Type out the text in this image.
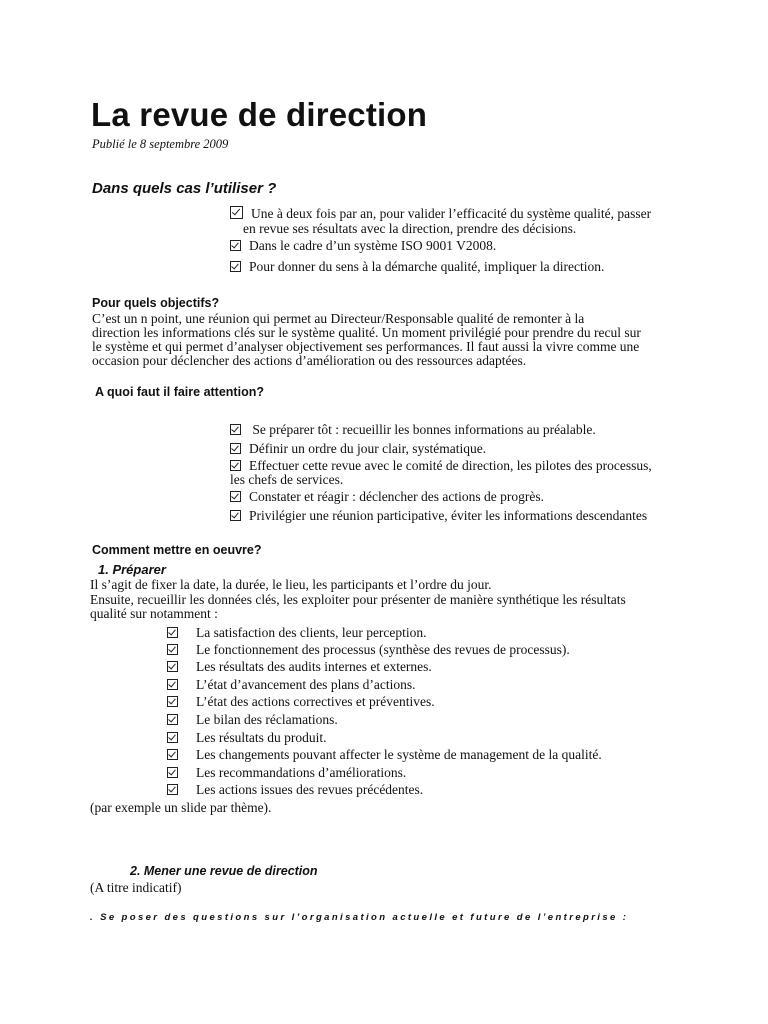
La revue de direction
Publié le 8 septembre 2009
Dans quels cas l’utiliser ?
Une à deux fois par an, pour valider l’efficacité du système qualité, passer
en revue ses résultats avec la direction, prendre des décisions.
Dans le cadre d’un système ISO 9001 V2008.
Pour donner du sens à la démarche qualité, impliquer la direction.
Pour quels objectifs?
C’est un n point, une réunion qui permet au Directeur/Responsable qualité de remonter à la
direction les informations clés sur le système qualité. Un moment privilégié pour prendre du recul sur
le système et qui permet d’analyser objectivement ses performances. Il faut aussi la vivre comme une
occasion pour déclencher des actions d’amélioration ou des ressources adaptées.
A quoi faut il faire attention?
Se préparer tôt : recueillir les bonnes informations au préalable.
Définir un ordre du jour clair, systématique.
Effectuer cette revue avec le comité de direction, les pilotes des processus,
les chefs de services.
Constater et réagir : déclencher des actions de progrès.
Privilégier une réunion participative, éviter les informations descendantes
Comment mettre en oeuvre?
1. Préparer
Il s’agit de fixer la date, la durée, le lieu, les participants et l’ordre du jour.
Ensuite, recueillir les données clés, les exploiter pour présenter de manière synthétique les résultats
qualité sur notamment :
La satisfaction des clients, leur perception.
Le fonctionnement des processus (synthèse des revues de processus).
Les résultats des audits internes et externes.
L’état d’avancement des plans d’actions.
L’état des actions correctives et préventives.
Le bilan des réclamations.
Les résultats du produit.
Les changements pouvant affecter le système de management de la qualité.
Les recommandations d’améliorations.
Les actions issues des revues précédentes.
(par exemple un slide par thème).
2. Mener une revue de direction
(A titre indicatif)
. Se poser des questions sur l’organisation actuelle et future de l’entreprise :
